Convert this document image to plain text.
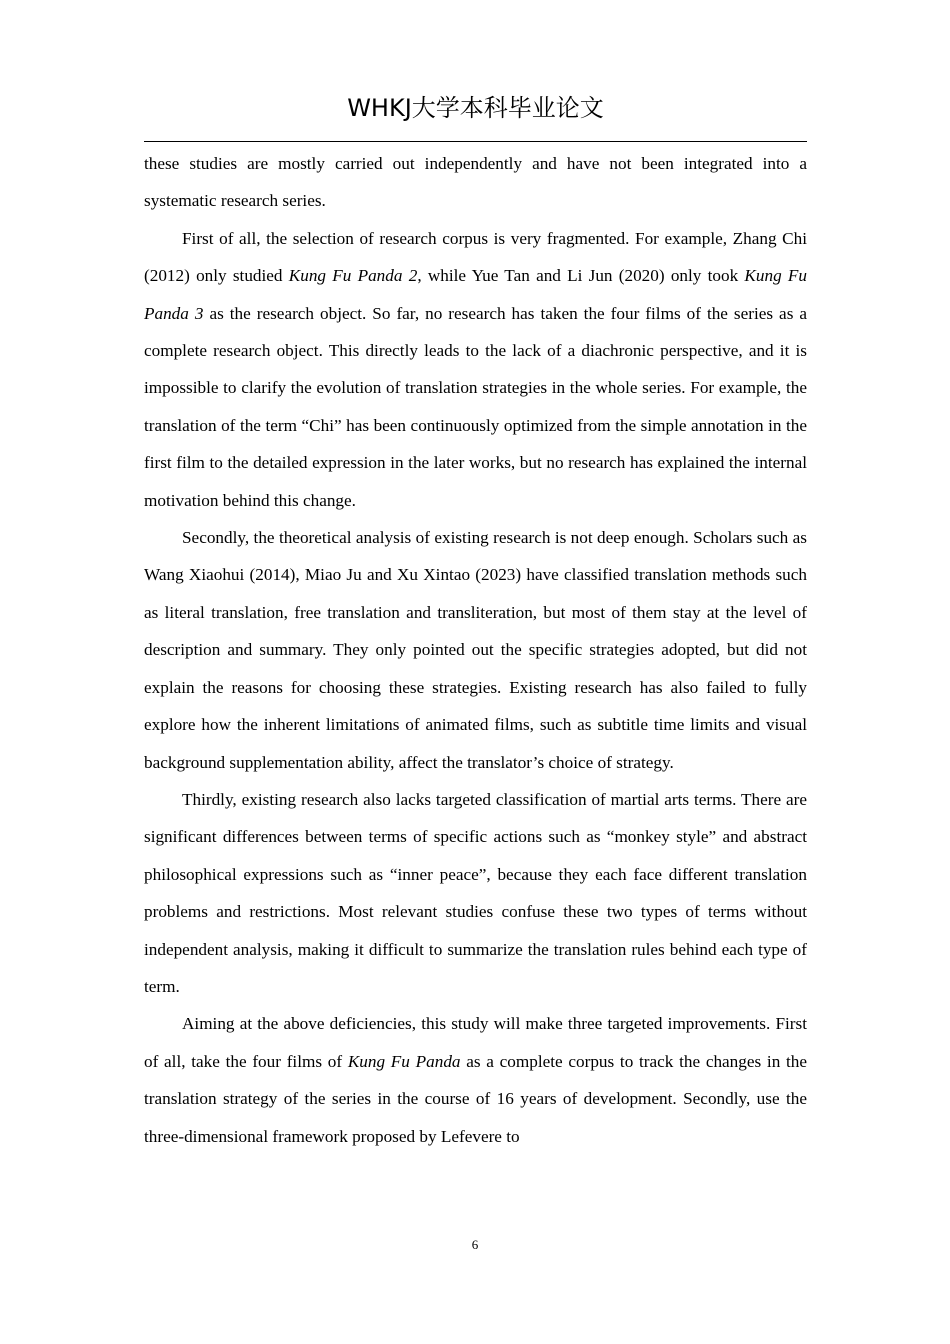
WHKJ大学本科毕业论文

these studies are mostly carried out independently and have not been integrated into a systematic research series.

First of all, the selection of research corpus is very fragmented. For example, Zhang Chi (2012) only studied Kung Fu Panda 2, while Yue Tan and Li Jun (2020) only took Kung Fu Panda 3 as the research object. So far, no research has taken the four films of the series as a complete research object. This directly leads to the lack of a diachronic perspective, and it is impossible to clarify the evolution of translation strategies in the whole series. For example, the translation of the term “Chi” has been continuously optimized from the simple annotation in the first film to the detailed expression in the later works, but no research has explained the internal motivation behind this change.

Secondly, the theoretical analysis of existing research is not deep enough. Scholars such as Wang Xiaohui (2014), Miao Ju and Xu Xintao (2023) have classified translation methods such as literal translation, free translation and transliteration, but most of them stay at the level of description and summary. They only pointed out the specific strategies adopted, but did not explain the reasons for choosing these strategies. Existing research has also failed to fully explore how the inherent limitations of animated films, such as subtitle time limits and visual background supplementation ability, affect the translator’s choice of strategy.

Thirdly, existing research also lacks targeted classification of martial arts terms. There are significant differences between terms of specific actions such as “monkey style” and abstract philosophical expressions such as “inner peace”, because they each face different translation problems and restrictions. Most relevant studies confuse these two types of terms without independent analysis, making it difficult to summarize the translation rules behind each type of term.

Aiming at the above deficiencies, this study will make three targeted improvements. First of all, take the four films of Kung Fu Panda as a complete corpus to track the changes in the translation strategy of the series in the course of 16 years of development. Secondly, use the three-dimensional framework proposed by Lefevere to

6
